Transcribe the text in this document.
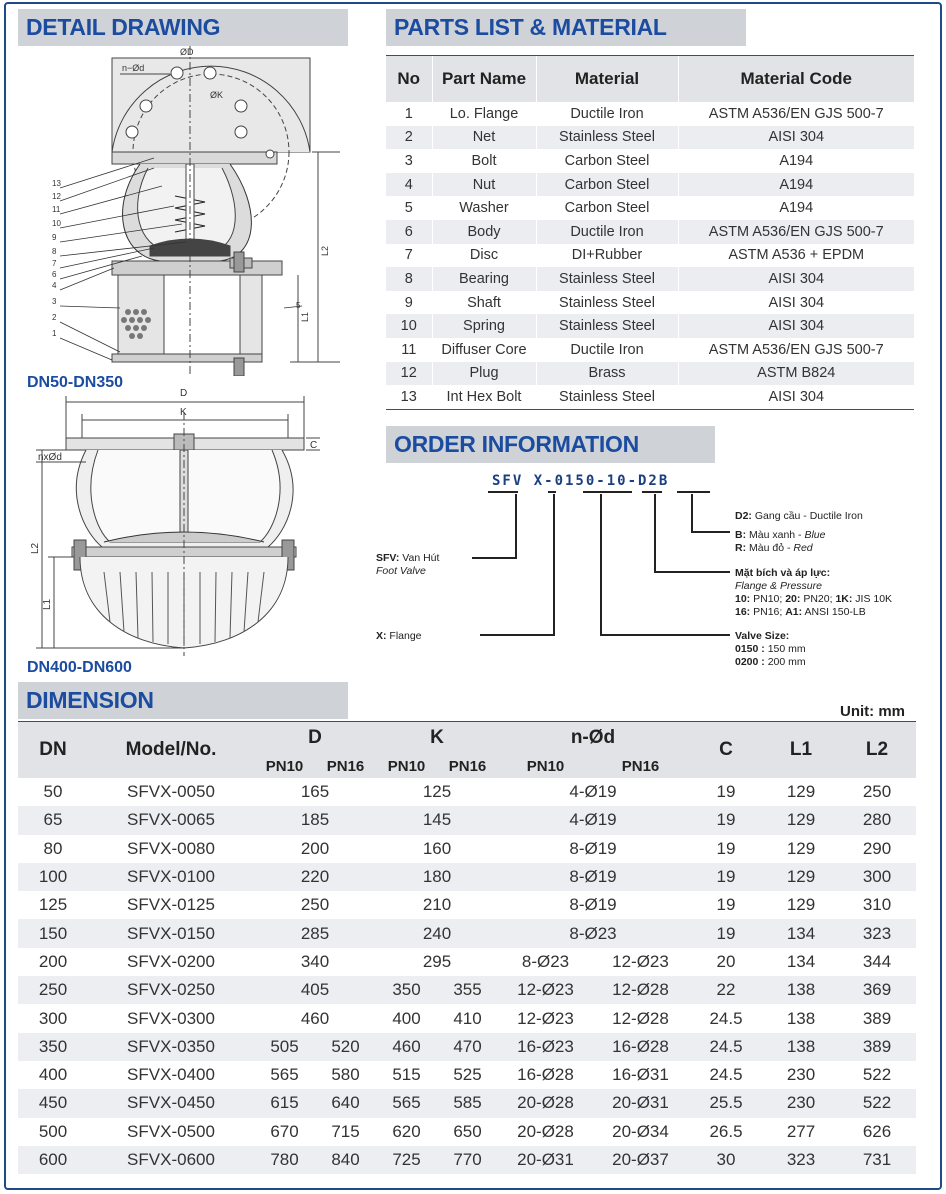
DETAIL DRAWING	PARTS LIST & MATERIAL
ORDER INFORMATION
DIMENSION
13
12
11
10
9
8
7
6
4
3
2
1
5
ØD
n−Ød
ØK
L2
L1
DN50-DN350
D
K
nxØd
C
L2
L1
DN400-DN600
No	Part Name	Material	Material Code
1	Lo. Flange	Ductile Iron	ASTM A536/EN GJS 500-7
2	Net	Stainless Steel	AISI 304
3	Bolt	Carbon Steel	A194
4	Nut	Carbon Steel	A194
5	Washer	Carbon Steel	A194
6	Body	Ductile Iron	ASTM A536/EN GJS 500-7
7	Disc	DI+Rubber	ASTM A536 + EPDM
8	Bearing	Stainless Steel	AISI 304
9	Shaft	Stainless Steel	AISI 304
10	Spring	Stainless Steel	AISI 304
11	Diffuser Core	Ductile Iron	ASTM A536/EN GJS 500-7
12	Plug	Brass	ASTM B824
13	Int Hex Bolt	Stainless Steel	AISI 304
SFV X-0150-10-D2B
D2: Gang cầu - Ductile Iron
B: Màu xanh - Blue
R: Màu đỏ - Red
Mặt bích và áp lực:
Flange & Pressure
10: PN10; 20: PN20; 1K: JIS 10K
16: PN16; A1: ANSI 150-LB
SFV: Van Hút
Foot Valve
X: Flange	Valve Size:
0150 : 150 mm
0200 : 200 mm
Unit: mm
DN	Model/No.	D		K		n-Ød		C	L1	L2
		PN10	PN16	PN10	PN16	PN10	PN16			
50	SFVX-0050	165		125		4-Ø19		19	129	250
65	SFVX-0065	185		145		4-Ø19		19	129	280
80	SFVX-0080	200		160		8-Ø19		19	129	290
100	SFVX-0100	220		180		8-Ø19		19	129	300
125	SFVX-0125	250		210		8-Ø19		19	129	310
150	SFVX-0150	285		240		8-Ø23		19	134	323
200	SFVX-0200	340		295		8-Ø23	12-Ø23	20	134	344
250	SFVX-0250	405		350	355	12-Ø23	12-Ø28	22	138	369
300	SFVX-0300	460		400	410	12-Ø23	12-Ø28	24.5	138	389
350	SFVX-0350	505	520	460	470	16-Ø23	16-Ø28	24.5	138	389
400	SFVX-0400	565	580	515	525	16-Ø28	16-Ø31	24.5	230	522
450	SFVX-0450	615	640	565	585	20-Ø28	20-Ø31	25.5	230	522
500	SFVX-0500	670	715	620	650	20-Ø28	20-Ø34	26.5	277	626
600	SFVX-0600	780	840	725	770	20-Ø31	20-Ø37	30	323	731
